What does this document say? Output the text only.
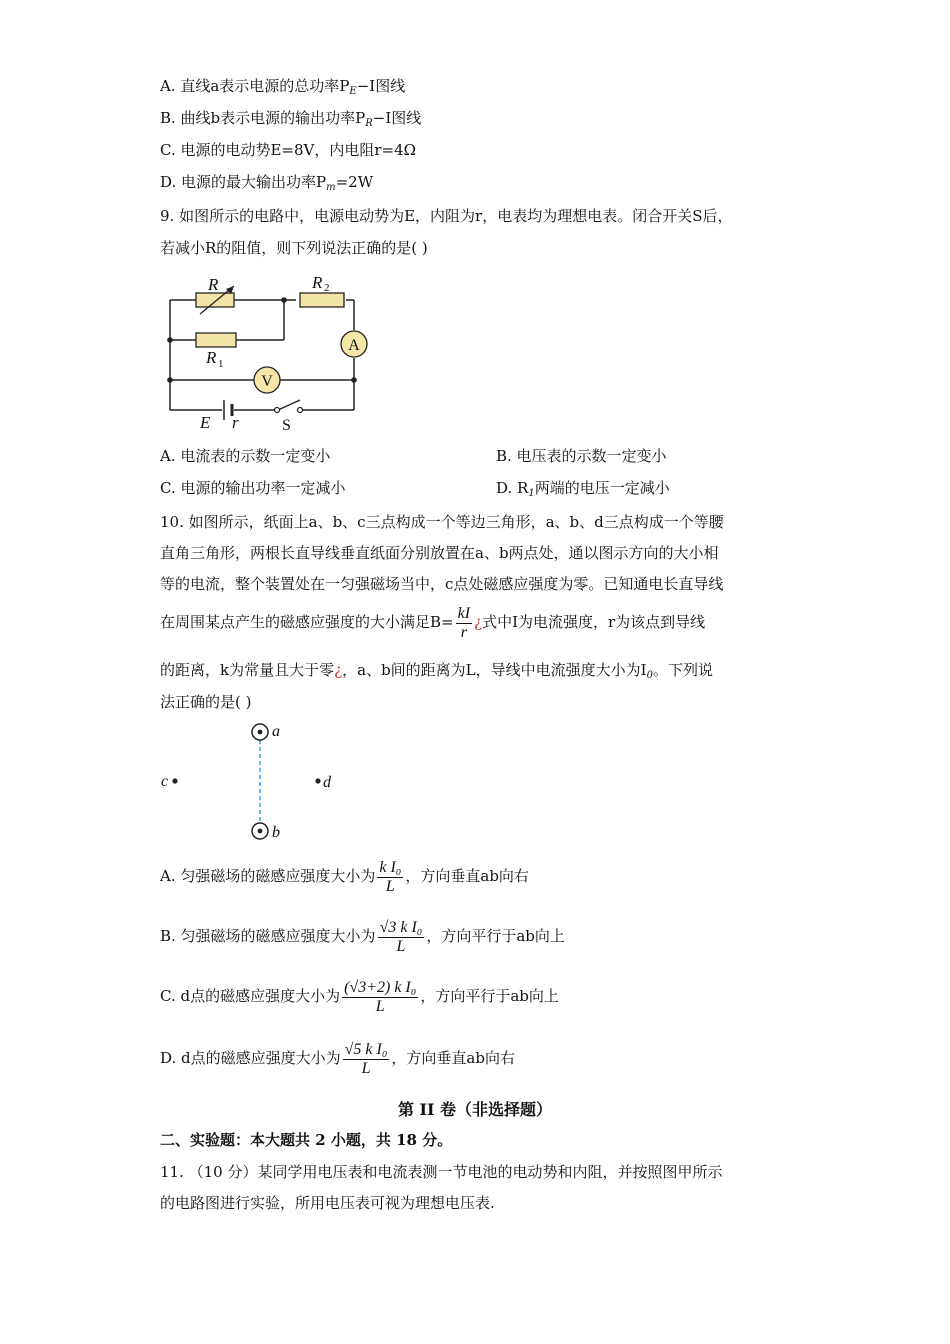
A. 直线a表示电源的总功率$P_E-I$图线
B. 曲线b表示电源的输出功率$P_R-I$图线
C. 电源的电动势E=8V，内电阻r=4Ω
D. 电源的最大输出功率$P_m=2W$
9. 如图所示的电路中，电源电动势为E，内阻为r，电表均为理想电表。闭合开关S后，
若减小R的阻值，则下列说法正确的是( )
A
V
R	R 2
R 1
E r	S
A. 电流表的示数一定变小	B. 电压表的示数一定变小
C. 电源的输出功率一定减小	D. $R_1$两端的电压一定减小
10. 如图所示，纸面上a、b、c三点构成一个等边三角形，a、b、d三点构成一个等腰
直角三角形，两根长直导线垂直纸面分别放置在a、b两点处，通以图示方向的大小相
等的电流，整个装置处在一匀强磁场当中，c点处磁感应强度为零。已知通电长直导线
在周围某点产生的磁感应强度的大小满足$B= \frac{kI}{r}$ ¿式中I为电流强度，r为该点到导线
的距离，k为常量且大于零¿，a、b间的距离为L，导线中电流强度大小为$I_0$。下列说
法正确的是( )
a
b
c	d
A. 匀强磁场的磁感应强度大小为 $\frac{\text{k I₀}}{L}$ ，方向垂直ab向右
B. 匀强磁场的磁感应强度大小为 $\frac{\text{√3 k I₀}}{L}$ ，方向平行于ab向上
C. d点的磁感应强度大小为 $\frac{\text{(√3+2) k I₀}}{L}$ ，方向平行于ab向上
D. d点的磁感应强度大小为 $\frac{\text{√5 k I₀}}{L}$ ，方向垂直ab向右
第 II 卷（非选择题）
二、实验题：本大题共 2 小题，共 18 分。
11. （10 分）某同学用电压表和电流表测一节电池的电动势和内阻，并按照图甲所示
的电路图进行实验，所用电压表可视为理想电压表.
